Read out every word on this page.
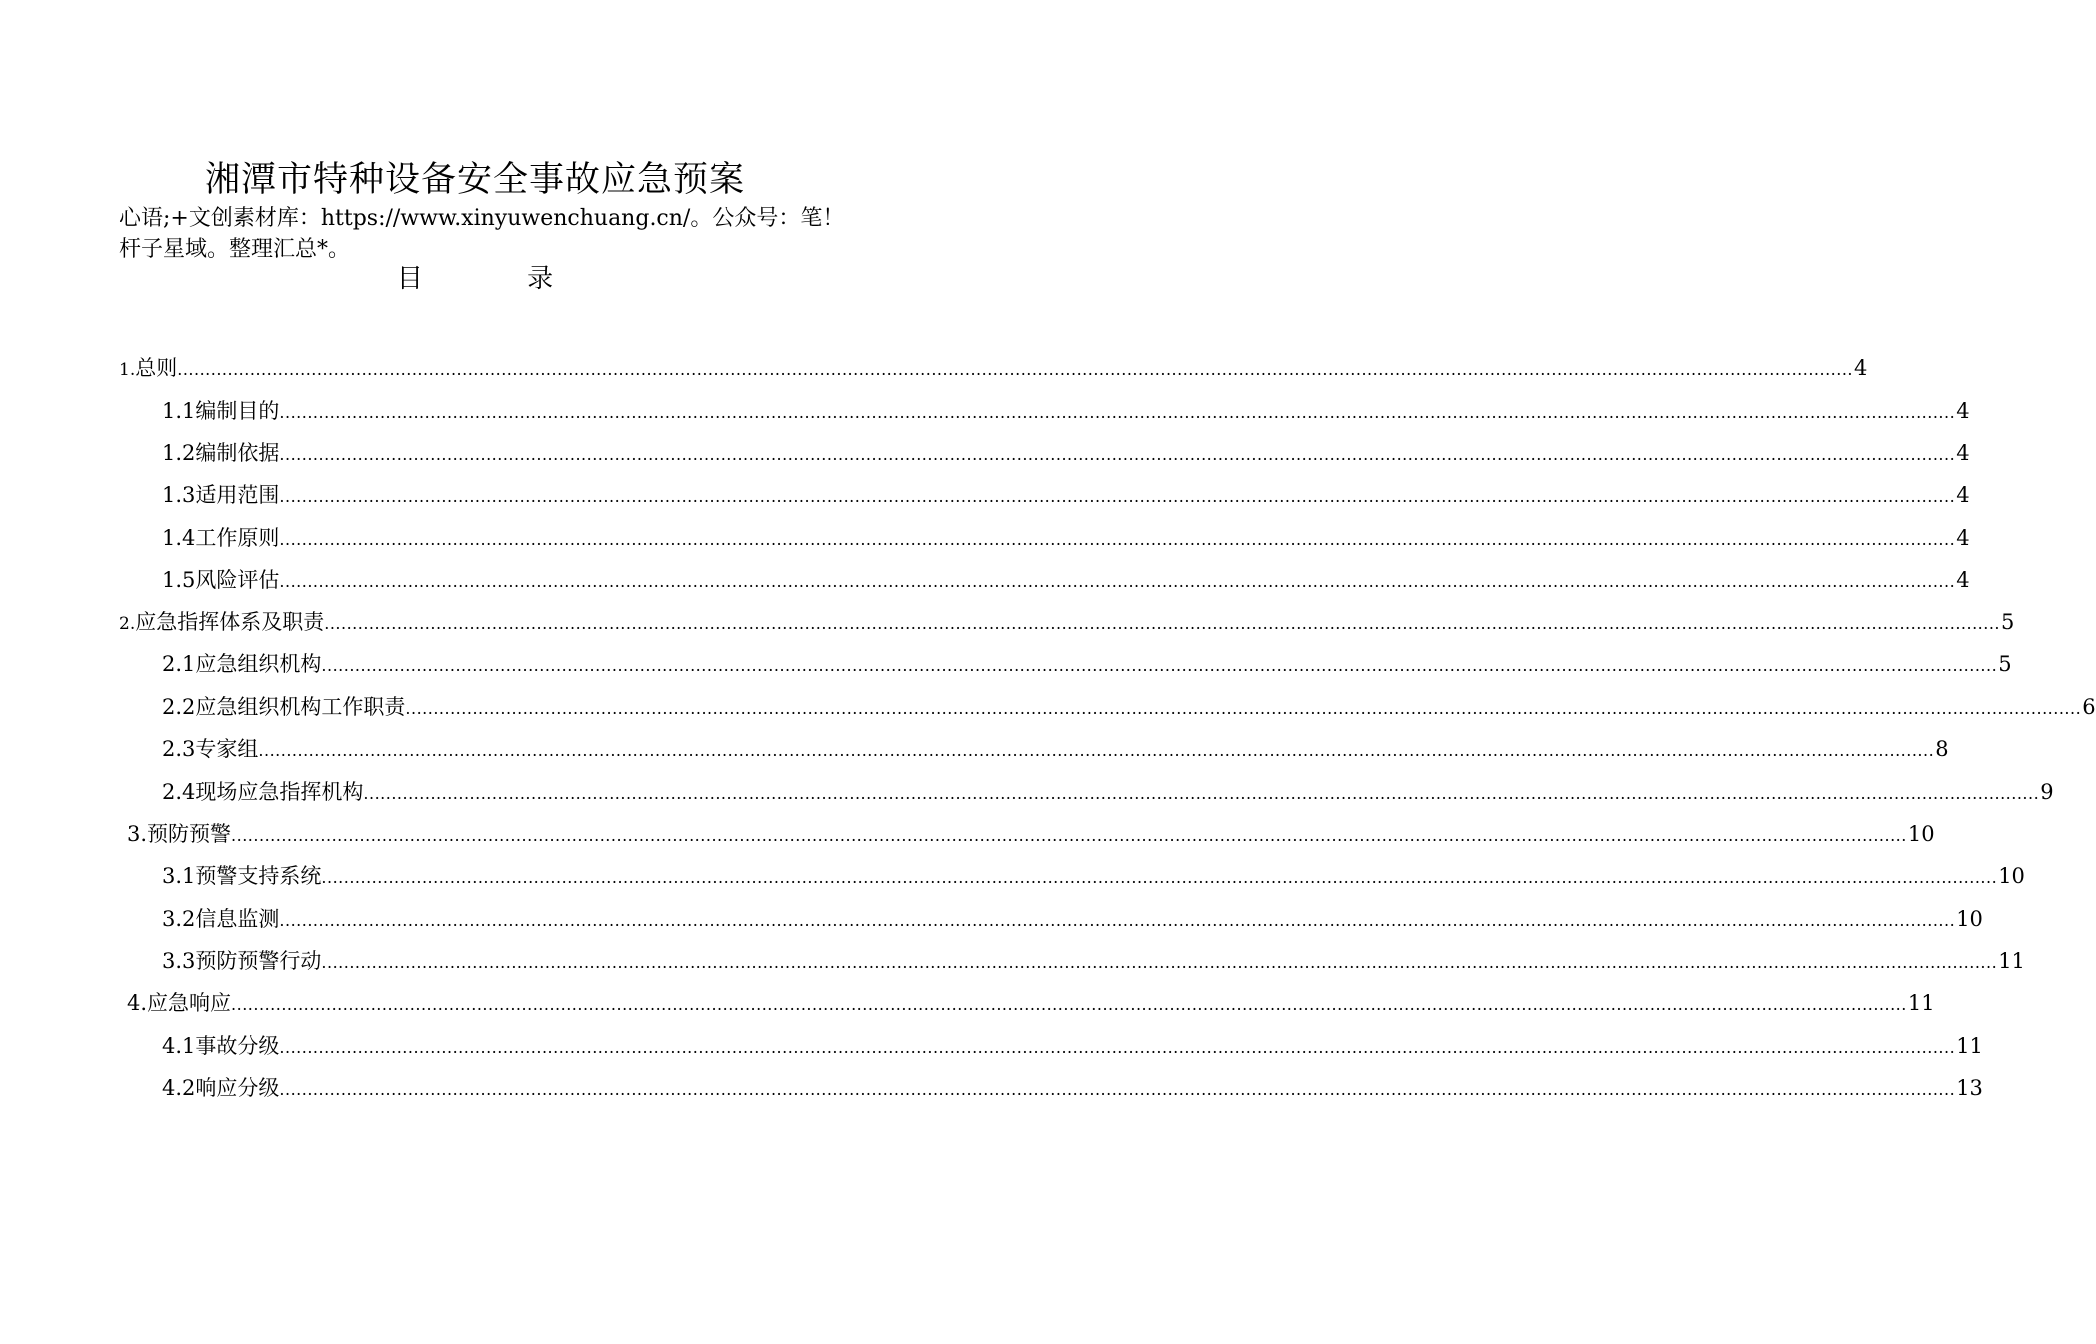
湘潭市特种设备安全事故应急预案
心语;+文创素材库：https://www.xinyuwenchuang.cn/。公众号：笔！杆子星域。整理汇总*。
目 录
1. 总则 ............................................................................................................................................................................................................................................................................................................ 4
1.1 编制目的 ............................................................................................................................................................................................................................................................................................................ 4
1.2 编制依据 ............................................................................................................................................................................................................................................................................................................ 4
1.3 适用范围 ............................................................................................................................................................................................................................................................................................................ 4
1.4 工作原则 ............................................................................................................................................................................................................................................................................................................ 4
1.5 风险评估 ............................................................................................................................................................................................................................................................................................................ 4
2. 应急指挥体系及职责 ............................................................................................................................................................................................................................................................................................................ 5
2.1 应急组织机构 ............................................................................................................................................................................................................................................................................................................ 5
2.2 应急组织机构工作职责 ............................................................................................................................................................................................................................................................................................................ 6
2.3 专家组 ............................................................................................................................................................................................................................................................................................................ 8
2.4 现场应急指挥机构 ............................................................................................................................................................................................................................................................................................................ 9
3. 预防预警 ............................................................................................................................................................................................................................................................................................................ 10
3.1 预警支持系统 ............................................................................................................................................................................................................................................................................................................ 10
3.2 信息监测 ............................................................................................................................................................................................................................................................................................................ 10
3.3 预防预警行动 ............................................................................................................................................................................................................................................................................................................ 11
4. 应急响应 ............................................................................................................................................................................................................................................................................................................ 11
4.1 事故分级 ............................................................................................................................................................................................................................................................................................................ 11
4.2 响应分级 ............................................................................................................................................................................................................................................................................................................ 13
